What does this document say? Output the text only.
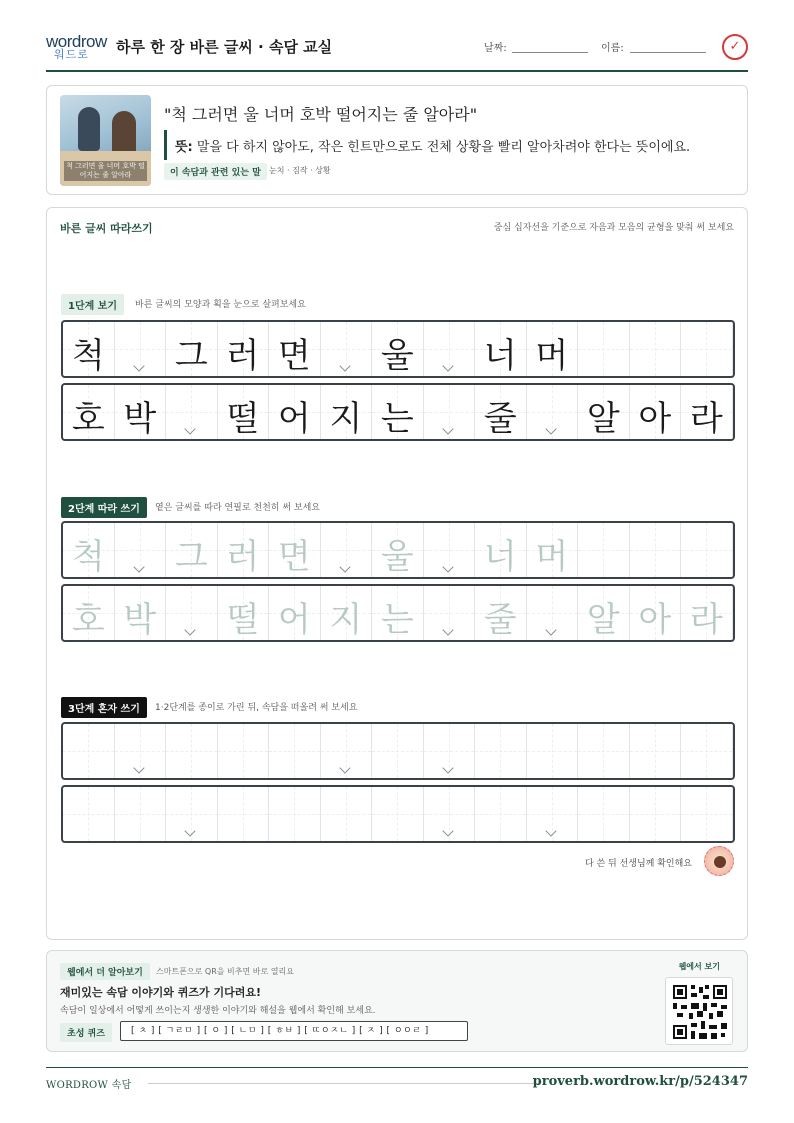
wordrow
워드로 하루 한 장 바른 글씨 · 속담 교실	날짜:	이름:	✓
척 그러면 울 너머 호박 떨어지는 줄 알아라
"척 그러면 울 너머 호박 떨어지는 줄 알아라"
뜻: 말을 다 하지 않아도, 작은 힌트만으로도 전체 상황을 빨리 알아차려야 한다는 뜻이에요.
이 속담과 관련 있는 말	눈치 · 짐작 · 상황
바른 글씨 따라쓰기	중심 십자선을 기준으로 자음과 모음의 균형을 맞춰 써 보세요
1단계 보기	바른 글씨의 모양과 획을 눈으로 살펴보세요
척 그 러 면 울 너 머
호 박 떨 어 지 는 줄 알 아 라
2단계 따라 쓰기	옅은 글씨를 따라 연필로 천천히 써 보세요
척 그 러 면 울 너 머
호 박 떨 어 지 는 줄 알 아 라
3단계 혼자 쓰기	1·2단계를 종이로 가린 뒤, 속담을 떠올려 써 보세요
다 쓴 뒤 선생님께 확인해요
웹에서 더 알아보기	스마트폰으로 QR을 비추면 바로 열리요
재미있는 속담 이야기와 퀴즈가 기다려요!
속담이 일상에서 어떻게 쓰이는지 생생한 이야기와 해설을 웹에서 확인해 보세요.
초성 퀴즈	[ ㅊ ] [ ㄱㄹㅁ ] [ ㅇ ] [ ㄴㅁ ] [ ㅎㅂ ] [ ㄸㅇㅈㄴ ] [ ㅈ ] [ ㅇㅇㄹ ]
웹에서 보기
WORDROW 속담	proverb.wordrow.kr/p/524347
